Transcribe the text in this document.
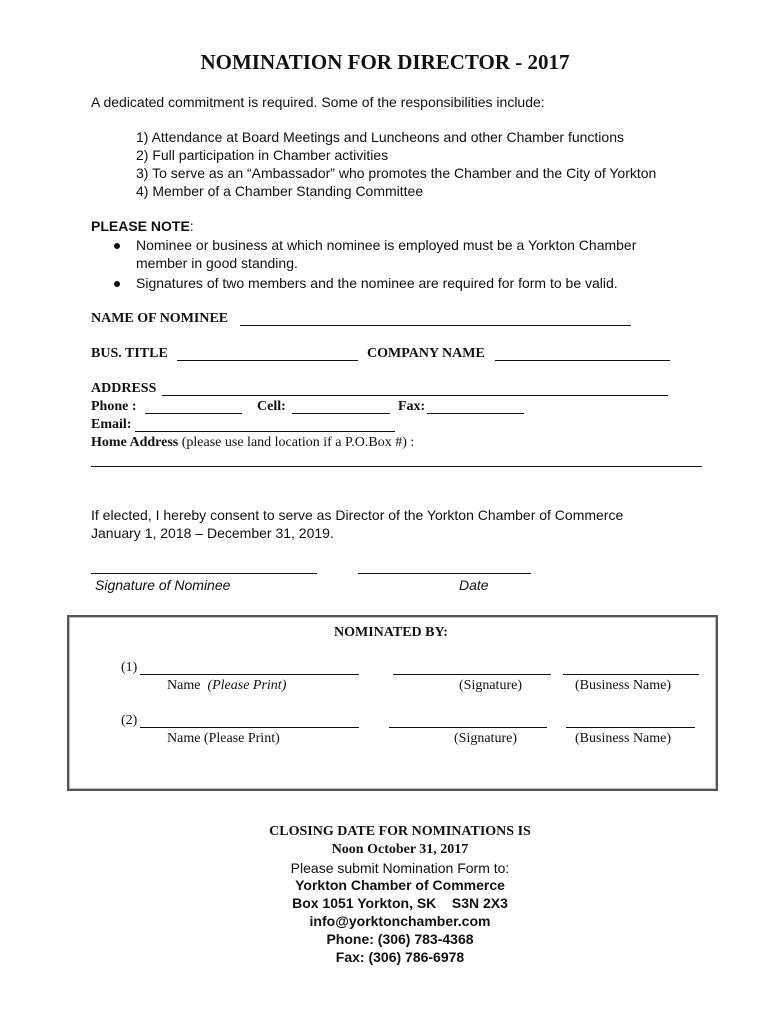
NOMINATION FOR DIRECTOR - 2017
A dedicated commitment is required. Some of the responsibilities include:
1) Attendance at Board Meetings and Luncheons and other Chamber functions
2) Full participation in Chamber activities
3) To serve as an “Ambassador” who promotes the Chamber and the City of Yorkton
4) Member of a Chamber Standing Committee
PLEASE NOTE:
Nominee or business at which nominee is employed must be a Yorkton Chamber
member in good standing.
Signatures of two members and the nominee are required for form to be valid.
NAME OF NOMINEE
BUS. TITLE	COMPANY NAME
ADDRESS
Phone :	Cell:	Fax:
Email:
Home Address (please use land location if a P.O.Box #) :
If elected, I hereby consent to serve as Director of the Yorkton Chamber of Commerce
January 1, 2018 – December 31, 2019.
Signature of Nominee	Date
NOMINATED BY:
(1)
Name (Please Print)	(Signature)	(Business Name)
(2)
Name (Please Print)	(Signature)	(Business Name)
CLOSING DATE FOR NOMINATIONS IS
Noon October 31, 2017
Please submit Nomination Form to:
Yorkton Chamber of Commerce
Box 1051 Yorkton, SK    S3N 2X3
info@yorktonchamber.com
Phone: (306) 783-4368
Fax: (306) 786-6978
